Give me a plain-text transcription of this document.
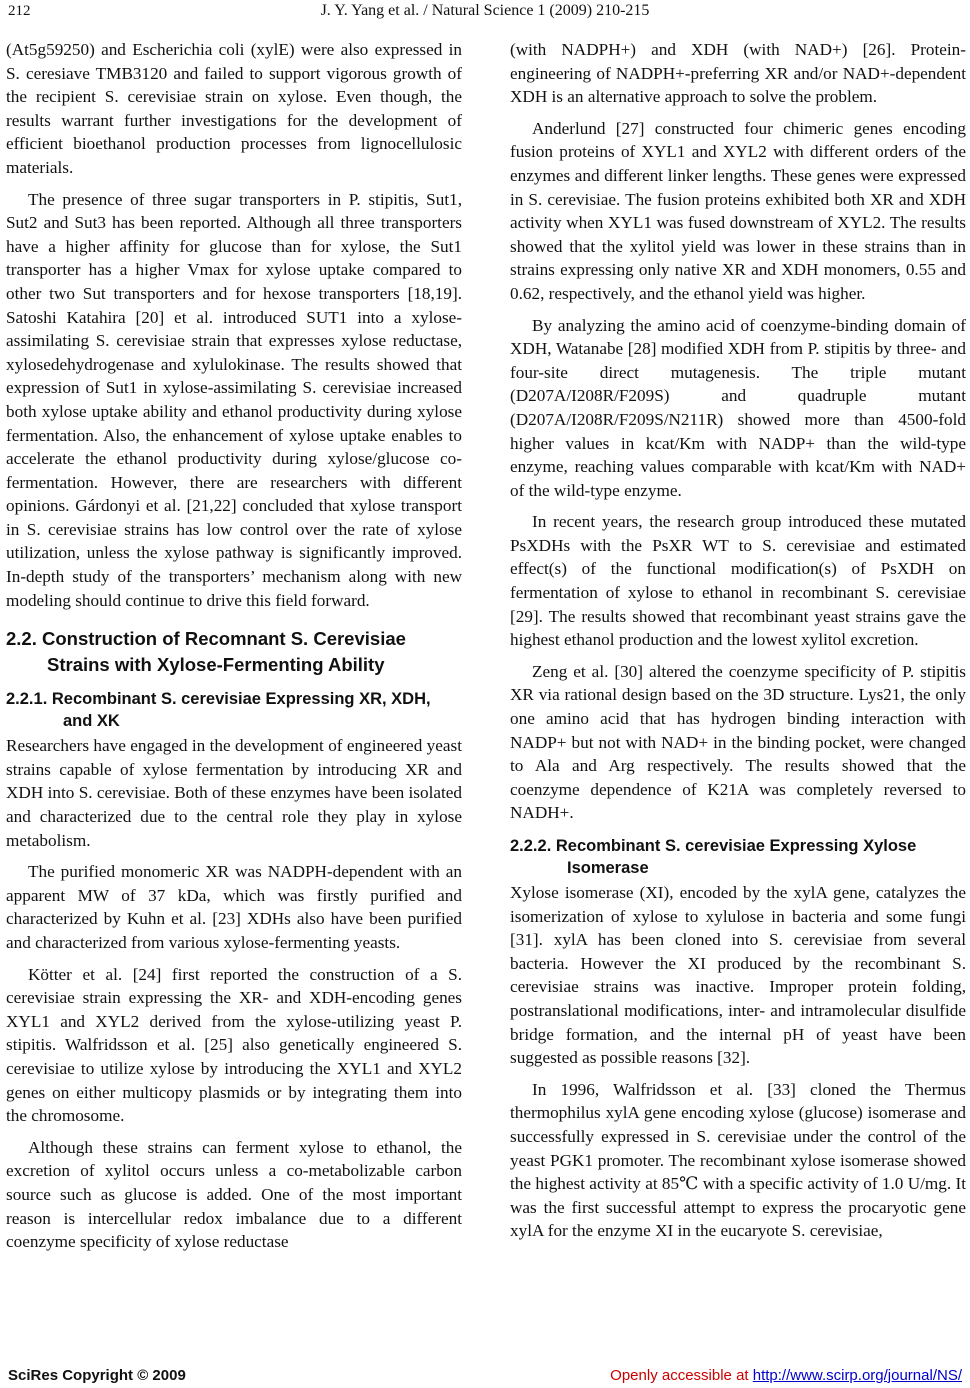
212	J. Y. Yang et al. / Natural Science 1 (2009) 210-215

(At5g59250) and Escherichia coli (xylE) were also expressed in S. ceresiave TMB3120 and failed to support vigorous growth of the recipient S. cerevisiae strain on xylose. Even though, the results warrant further investigations for the development of efficient bioethanol production processes from lignocellulosic materials.

The presence of three sugar transporters in P. stipitis, Sut1, Sut2 and Sut3 has been reported. Although all three transporters have a higher affinity for glucose than for xylose, the Sut1 transporter has a higher Vmax for xylose uptake compared to other two Sut transporters and for hexose transporters [18,19]. Satoshi Katahira [20] et al. introduced SUT1 into a xylose-assimilating S. cerevisiae strain that expresses xylose reductase, xylosedehydrogenase and xylulokinase. The results showed that expression of Sut1 in xylose-assimilating S. cerevisiae increased both xylose uptake ability and ethanol productivity during xylose fermentation. Also, the enhancement of xylose uptake enables to accelerate the ethanol productivity during xylose/glucose co-fermentation. However, there are researchers with different opinions. Gárdonyi et al. [21,22] concluded that xylose transport in S. cerevisiae strains has low control over the rate of xylose utilization, unless the xylose pathway is significantly improved. In-depth study of the transporters’ mechanism along with new modeling should continue to drive this field forward.

2.2. Construction of Recomnant S. Cerevisiae Strains with Xylose-Fermenting Ability
2.2.1. Recombinant S. cerevisiae Expressing XR, XDH, and XK

Researchers have engaged in the development of engineered yeast strains capable of xylose fermentation by introducing XR and XDH into S. cerevisiae. Both of these enzymes have been isolated and characterized due to the central role they play in xylose metabolism.

The purified monomeric XR was NADPH-dependent with an apparent MW of 37 kDa, which was firstly purified and characterized by Kuhn et al. [23] XDHs also have been purified and characterized from various xylose-fermenting yeasts.

Kötter et al. [24] first reported the construction of a S. cerevisiae strain expressing the XR- and XDH-encoding genes XYL1 and XYL2 derived from the xylose-utilizing yeast P. stipitis. Walfridsson et al. [25] also genetically engineered S. cerevisiae to utilize xylose by introducing the XYL1 and XYL2 genes on either multicopy plasmids or by integrating them into the chromosome.

Although these strains can ferment xylose to ethanol, the excretion of xylitol occurs unless a co-metabolizable carbon source such as glucose is added. One of the most important reason is intercellular redox imbalance due to a different coenzyme specificity of xylose reductase

(with NADPH+) and XDH (with NAD+) [26]. Protein-engineering of NADPH+-preferring XR and/or NAD+-dependent XDH is an alternative approach to solve the problem.

Anderlund [27] constructed four chimeric genes encoding fusion proteins of XYL1 and XYL2 with different orders of the enzymes and different linker lengths. These genes were expressed in S. cerevisiae. The fusion proteins exhibited both XR and XDH activity when XYL1 was fused downstream of XYL2. The results showed that the xylitol yield was lower in these strains than in strains expressing only native XR and XDH monomers, 0.55 and 0.62, respectively, and the ethanol yield was higher.

By analyzing the amino acid of coenzyme-binding domain of XDH, Watanabe [28] modified XDH from P. stipitis by three- and four-site direct mutagenesis. The triple mutant (D207A/I208R/F209S) and quadruple mutant (D207A/I208R/F209S/N211R) showed more than 4500-fold higher values in kcat/Km with NADP+ than the wild-type enzyme, reaching values comparable with kcat/Km with NAD+ of the wild-type enzyme.

In recent years, the research group introduced these mutated PsXDHs with the PsXR WT to S. cerevisiae and estimated effect(s) of the functional modification(s) of PsXDH on fermentation of xylose to ethanol in recombinant S. cerevisiae [29]. The results showed that recombinant yeast strains gave the highest ethanol production and the lowest xylitol excretion.

Zeng et al. [30] altered the coenzyme specificity of P. stipitis XR via rational design based on the 3D structure. Lys21, the only one amino acid that has hydrogen binding interaction with NADP+ but not with NAD+ in the binding pocket, were changed to Ala and Arg respectively. The results showed that the coenzyme dependence of K21A was completely reversed to NADH+.

2.2.2. Recombinant S. cerevisiae Expressing Xylose Isomerase

Xylose isomerase (XI), encoded by the xylA gene, catalyzes the isomerization of xylose to xylulose in bacteria and some fungi [31]. xylA has been cloned into S. cerevisiae from several bacteria. However the XI produced by the recombinant S. cerevisiae strains was inactive. Improper protein folding, postranslational modifications, inter- and intramolecular disulfide bridge formation, and the internal pH of yeast have been suggested as possible reasons [32].

In 1996, Walfridsson et al. [33] cloned the Thermus thermophilus xylA gene encoding xylose (glucose) isomerase and successfully expressed in S. cerevisiae under the control of the yeast PGK1 promoter. The recombinant xylose isomerase showed the highest activity at 85℃ with a specific activity of 1.0 U/mg. It was the first successful attempt to express the procaryotic gene xylA for the enzyme XI in the eucaryote S. cerevisiae,

SciRes Copyright © 2009	Openly accessible at http://www.scirp.org/journal/NS/
